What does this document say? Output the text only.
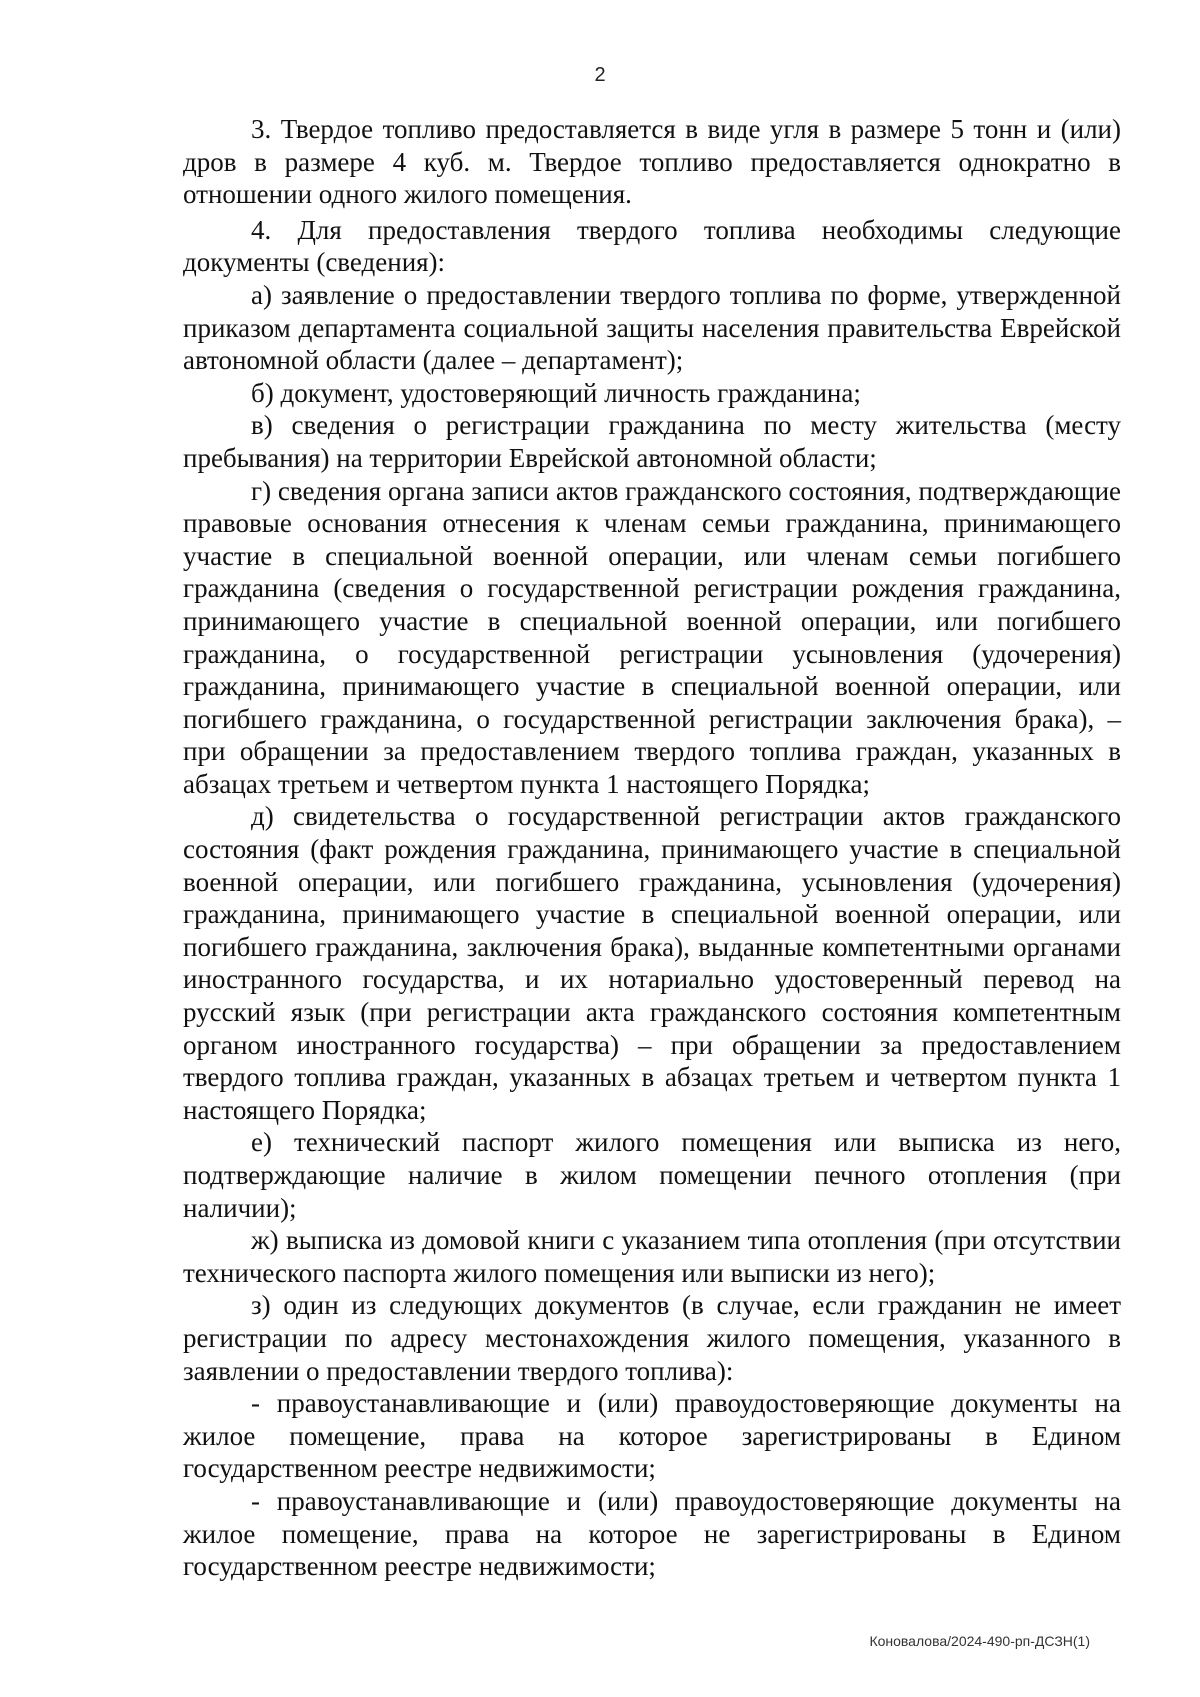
2

3. Твердое топливо предоставляется в виде угля в размере 5 тонн и (или) дров в размере 4 куб. м. Твердое топливо предоставляется однократно в отношении одного жилого помещения.

4. Для предоставления твердого топлива необходимы следующие документы (сведения):

а) заявление о предоставлении твердого топлива по форме, утвержденной приказом департамента социальной защиты населения правительства Еврейской автономной области (далее – департамент);

б) документ, удостоверяющий личность гражданина;

в) сведения о регистрации гражданина по месту жительства (месту пребывания) на территории Еврейской автономной области;

г) сведения органа записи актов гражданского состояния, подтверждающие правовые основания отнесения к членам семьи гражданина, принимающего участие в специальной военной операции, или членам семьи погибшего гражданина (сведения о государственной регистрации рождения гражданина, принимающего участие в специальной военной операции, или погибшего гражданина, о государственной регистрации усыновления (удочерения) гражданина, принимающего участие в специальной военной операции, или погибшего гражданина, о государственной регистрации заключения брака), – при обращении за предоставлением твердого топлива граждан, указанных в абзацах третьем и четвертом пункта 1 настоящего Порядка;

д) свидетельства о государственной регистрации актов гражданского состояния (факт рождения гражданина, принимающего участие в специальной военной операции, или погибшего гражданина, усыновления (удочерения) гражданина, принимающего участие в специальной военной операции, или погибшего гражданина, заключения брака), выданные компетентными органами иностранного государства, и их нотариально удостоверенный перевод на русский язык (при регистрации акта гражданского состояния компетентным органом иностранного государства) – при обращении за предоставлением твердого топлива граждан, указанных в абзацах третьем и четвертом пункта 1 настоящего Порядка;

е) технический паспорт жилого помещения или выписка из него, подтверждающие наличие в жилом помещении печного отопления (при наличии);

ж) выписка из домовой книги с указанием типа отопления (при отсутствии технического паспорта жилого помещения или выписки из него);

з) один из следующих документов (в случае, если гражданин не имеет регистрации по адресу местонахождения жилого помещения, указанного в заявлении о предоставлении твердого топлива):

- правоустанавливающие и (или) правоудостоверяющие документы на жилое помещение, права на которое зарегистрированы в Едином государственном реестре недвижимости;

- правоустанавливающие и (или) правоудостоверяющие документы на жилое помещение, права на которое не зарегистрированы в Едином государственном реестре недвижимости;

Коновалова/2024-490-рп-ДСЗН(1)
